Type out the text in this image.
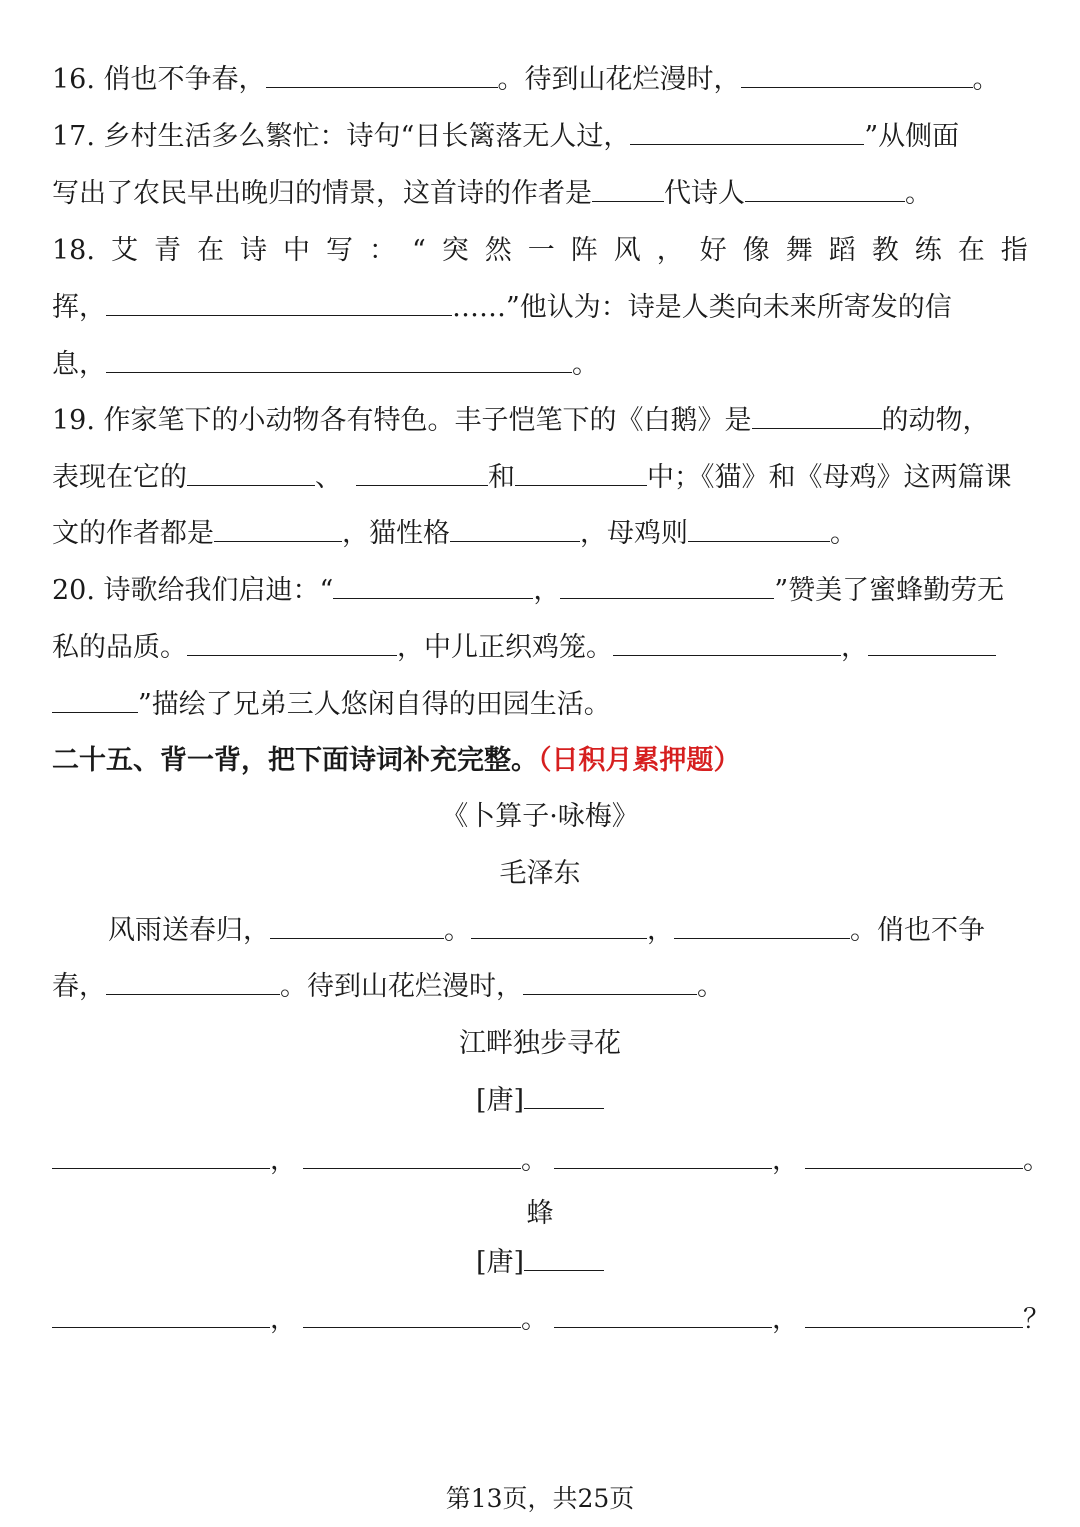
16. 俏也不争春，	。待到山花烂漫时，	。
17. 乡村生活多么繁忙：诗句“日长篱落无人过，	”从侧面
写出了农民早出晚归的情景，这首诗的作者是	代诗人	。
18. 艾 青 在 诗 中 写 ： “ 突 然 一 阵 风 ， 好 像 舞 蹈 教 练 在 指
挥，	……”他认为：诗是人类向未来所寄发的信
息，	。
19. 作家笔下的小动物各有特色。丰子恺笔下的《白鹅》是	的动物，
表现在它的	、	和	中；《猫》和《母鸡》这两篇课
文的作者都是	，猫性格	，母鸡则	。
20. 诗歌给我们启迪：“	，	”赞美了蜜蜂勤劳无
私的品质。	，中儿正织鸡笼。	，
”描绘了兄弟三人悠闲自得的田园生活。
二十五、背一背，把下面诗词补充完整。（日积月累押题）
《卜算子·咏梅》
毛泽东
风雨送春归，	。	，	。俏也不争
春，	。待到山花烂漫时，	。
江畔独步寻花
[唐]
，	。	，	。
蜂
[唐]
，	。	，	？
第13页，共25页
